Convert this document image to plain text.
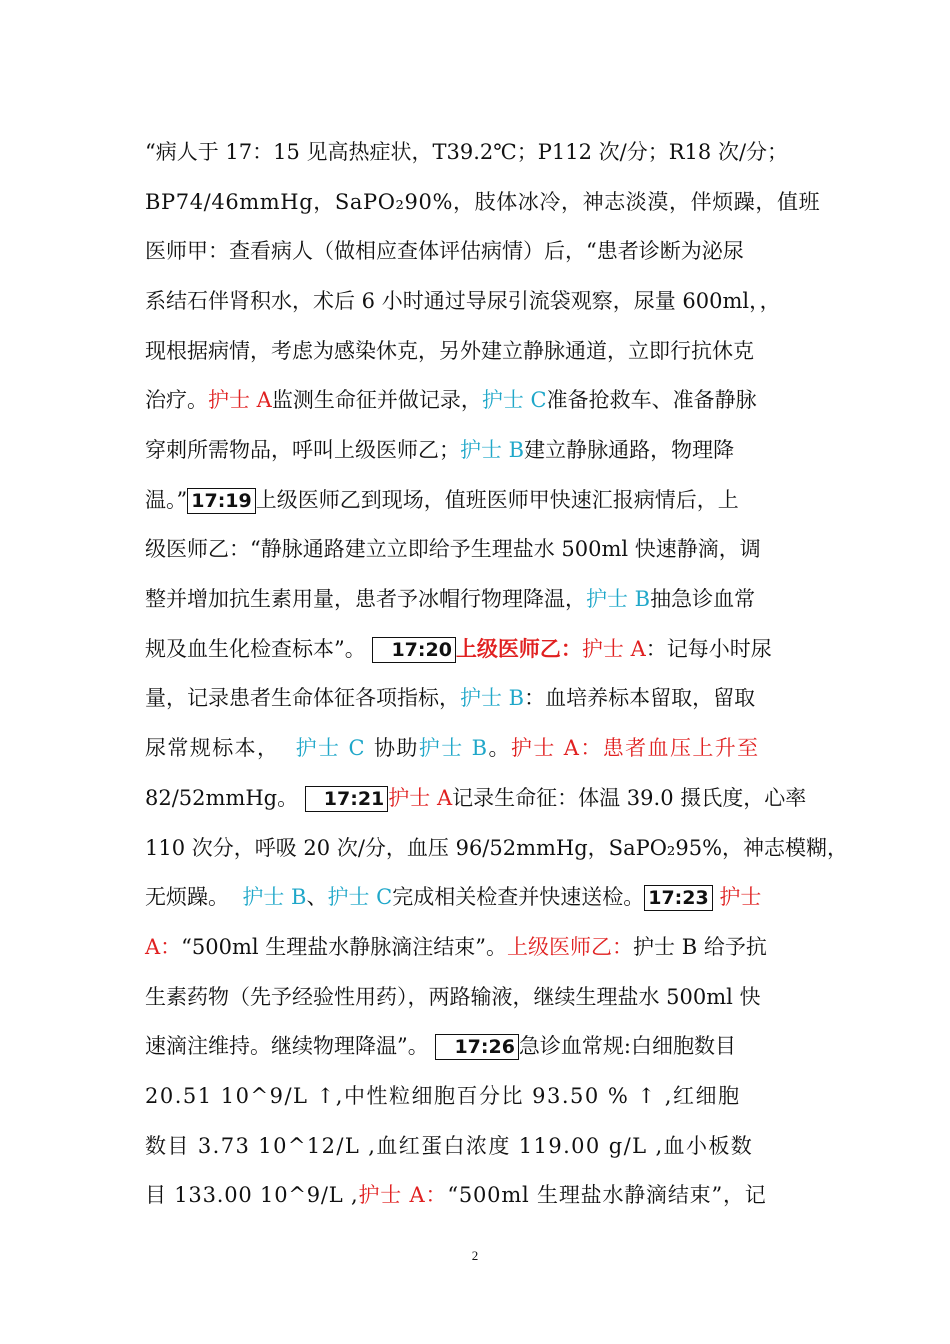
“病人于 17：15 见高热症状，T39.2℃；P112 次/分；R18 次/分；
BP74/46mmHg，SaPO₂90%，肢体冰冷，神志淡漠，伴烦躁，值班
医师甲：查看病人（做相应查体评估病情）后，“患者诊断为泌尿
系结石伴肾积水，术后 6 小时通过导尿引流袋观察，尿量 600ml，，
现根据病情，考虑为感染休克，另外建立静脉通道，立即行抗休克
治疗。护士 A监测生命征并做记录，护士 C准备抢救车、准备静脉
穿刺所需物品，呼叫上级医师乙；护士 B建立静脉通路，物理降
温。” 17:19 上级医师乙到现场，值班医师甲快速汇报病情后，上
级医师乙：“静脉通路建立立即给予生理盐水 500ml 快速静滴，调
整并增加抗生素用量，患者予冰帽行物理降温，护士 B抽急诊血常
规及血生化检查标本”。 17:20 上级医师乙：护士 A：记每小时尿
量，记录患者生命体征各项指标，护士 B：血培养标本留取，留取
尿常规标本， 护士 C 协助护士 B。护士 A：患者血压上升至
82/52mmHg。 17:21 护士 A记录生命征：体温 39.0 摄氏度，心率
110 次分，呼吸 20 次/分，血压 96/52mmHg，SaPO₂95%，神志模糊，
无烦躁。 护士 B、护士 C完成相关检查并快速送检。 17:23 护士
A：“500ml 生理盐水静脉滴注结束”。上级医师乙：护士 B 给予抗
生素药物（先予经验性用药），两路输液，继续生理盐水 500ml 快
速滴注维持。继续物理降温”。 17:26 急诊血常规:白细胞数目
20.51 10^9/L ↑,中性粒细胞百分比 93.50 % ↑ ,红细胞
数目 3.73 10^12/L ,血红蛋白浓度 119.00 g/L ,血小板数
目 133.00 10^9/L ,护士 A：“500ml 生理盐水静滴结束”，记
2
